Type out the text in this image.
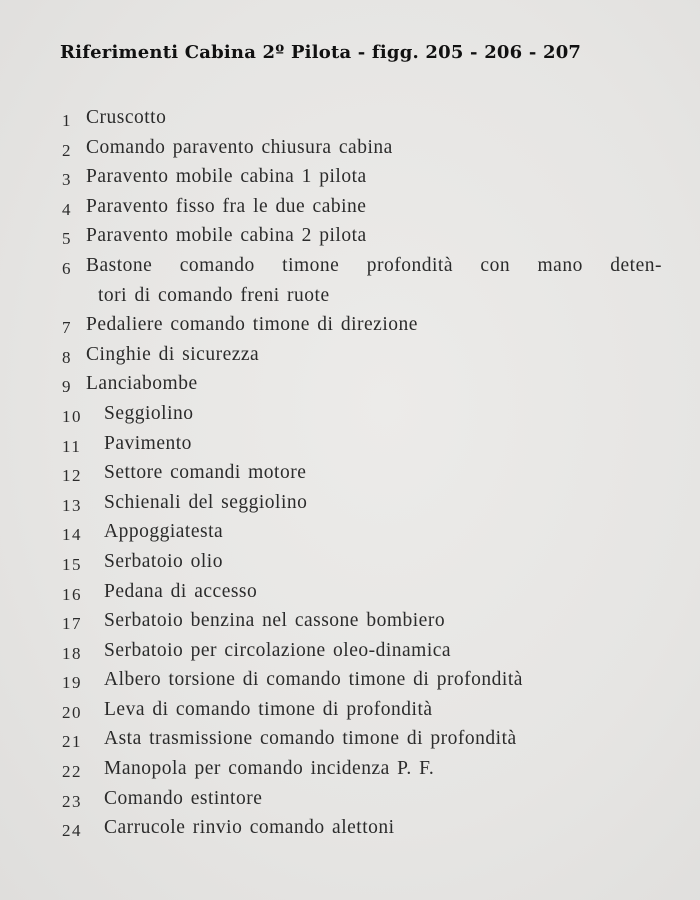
Riferimenti Cabina 2º Pilota - figg. 205 - 206 - 207
1 Cruscotto
2 Comando paravento chiusura cabina
3 Paravento mobile cabina 1 pilota
4 Paravento fisso fra le due cabine
5 Paravento mobile cabina 2 pilota
6 Bastone comando timone profondità con mano deten-
tori di comando freni ruote
7 Pedaliere comando timone di direzione
8 Cinghie di sicurezza
9 Lanciabombe
10	Seggiolino
11	Pavimento
12	Settore comandi motore
13	Schienali del seggiolino
14	Appoggiatesta
15	Serbatoio olio
16	Pedana di accesso
17	Serbatoio benzina nel cassone bombiero
18	Serbatoio per circolazione oleo-dinamica
19	Albero torsione di comando timone di profondità
20	Leva di comando timone di profondità
21	Asta trasmissione comando timone di profondità
22	Manopola per comando incidenza P. F.
23	Comando estintore
24	Carrucole rinvio comando alettoni
